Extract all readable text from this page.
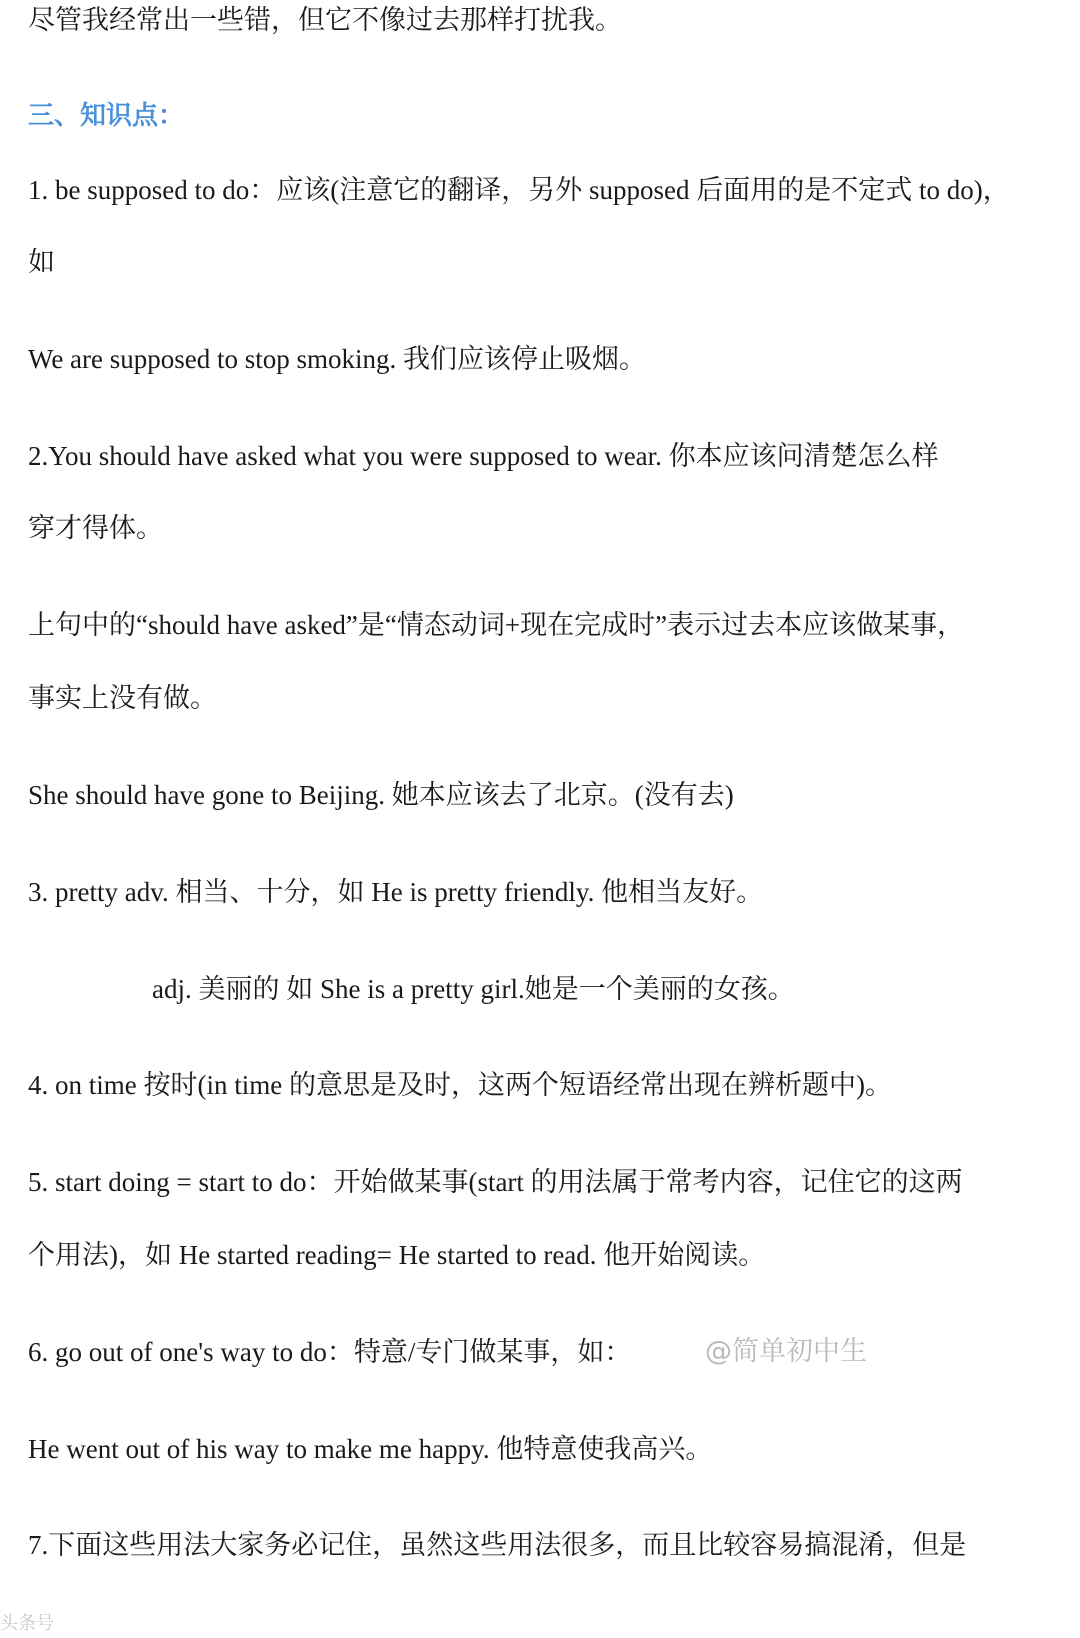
尽管我经常出一些错，但它不像过去那样打扰我。
三、知识点：
1. be supposed to do：应该(注意它的翻译，另外 supposed 后面用的是不定式 to do)，
如
We are supposed to stop smoking. 我们应该停止吸烟。
2.You should have asked what you were supposed to wear. 你本应该问清楚怎么样
穿才得体。
上句中的“should have asked”是“情态动词+现在完成时”表示过去本应该做某事，
事实上没有做。
She should have gone to Beijing. 她本应该去了北京。(没有去)
3. pretty adv. 相当、十分，如 He is pretty friendly. 他相当友好。
adj. 美丽的 如 She is a pretty girl.她是一个美丽的女孩。
4. on time 按时(in time 的意思是及时，这两个短语经常出现在辨析题中)。
5. start doing = start to do：开始做某事(start 的用法属于常考内容，记住它的这两
个用法)，如 He started reading= He started to read. 他开始阅读。
6. go out of one's way to do：特意/专门做某事，如：
He went out of his way to make me happy. 他特意使我高兴。
7.下面这些用法大家务必记住，虽然这些用法很多，而且比较容易搞混淆，但是
@简单初中生
头条号
